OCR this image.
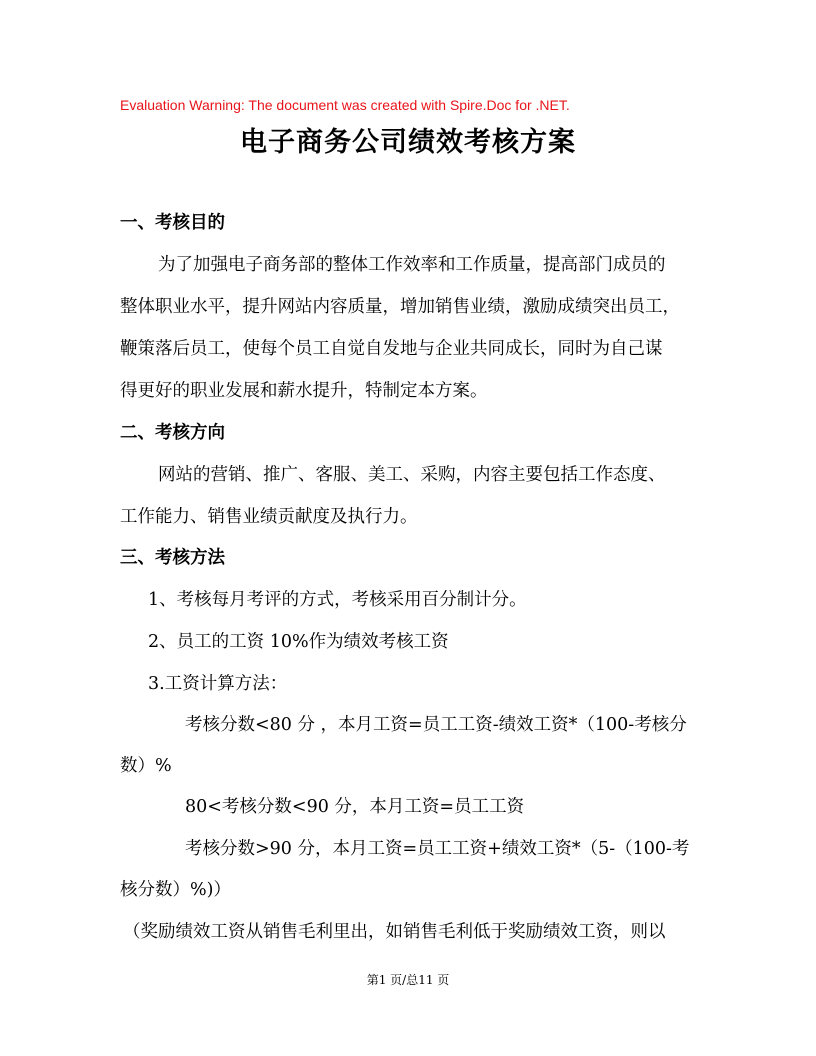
Evaluation Warning: The document was created with Spire.Doc for .NET.
电子商务公司绩效考核方案
一、考核目的
为了加强电子商务部的整体工作效率和工作质量，提高部门成员的
整体职业水平，提升网站内容质量，增加销售业绩，激励成绩突出员工，
鞭策落后员工，使每个员工自觉自发地与企业共同成长，同时为自己谋
得更好的职业发展和薪水提升，特制定本方案。
二、考核方向
网站的营销、推广、客服、美工、采购，内容主要包括工作态度、
工作能力、销售业绩贡献度及执行力。
三、考核方法
1、考核每月考评的方式，考核采用百分制计分。
2、员工的工资 10%作为绩效考核工资
3.工资计算方法：
考核分数<80 分 ，本月工资=员工工资-绩效工资*（100-考核分
数）%
80<考核分数<90 分，本月工资=员工工资
考核分数>90 分，本月工资=员工工资+绩效工资*（5-（100-考
核分数）%)）
（奖励绩效工资从销售毛利里出，如销售毛利低于奖励绩效工资，则以
第1 页/总11 页
